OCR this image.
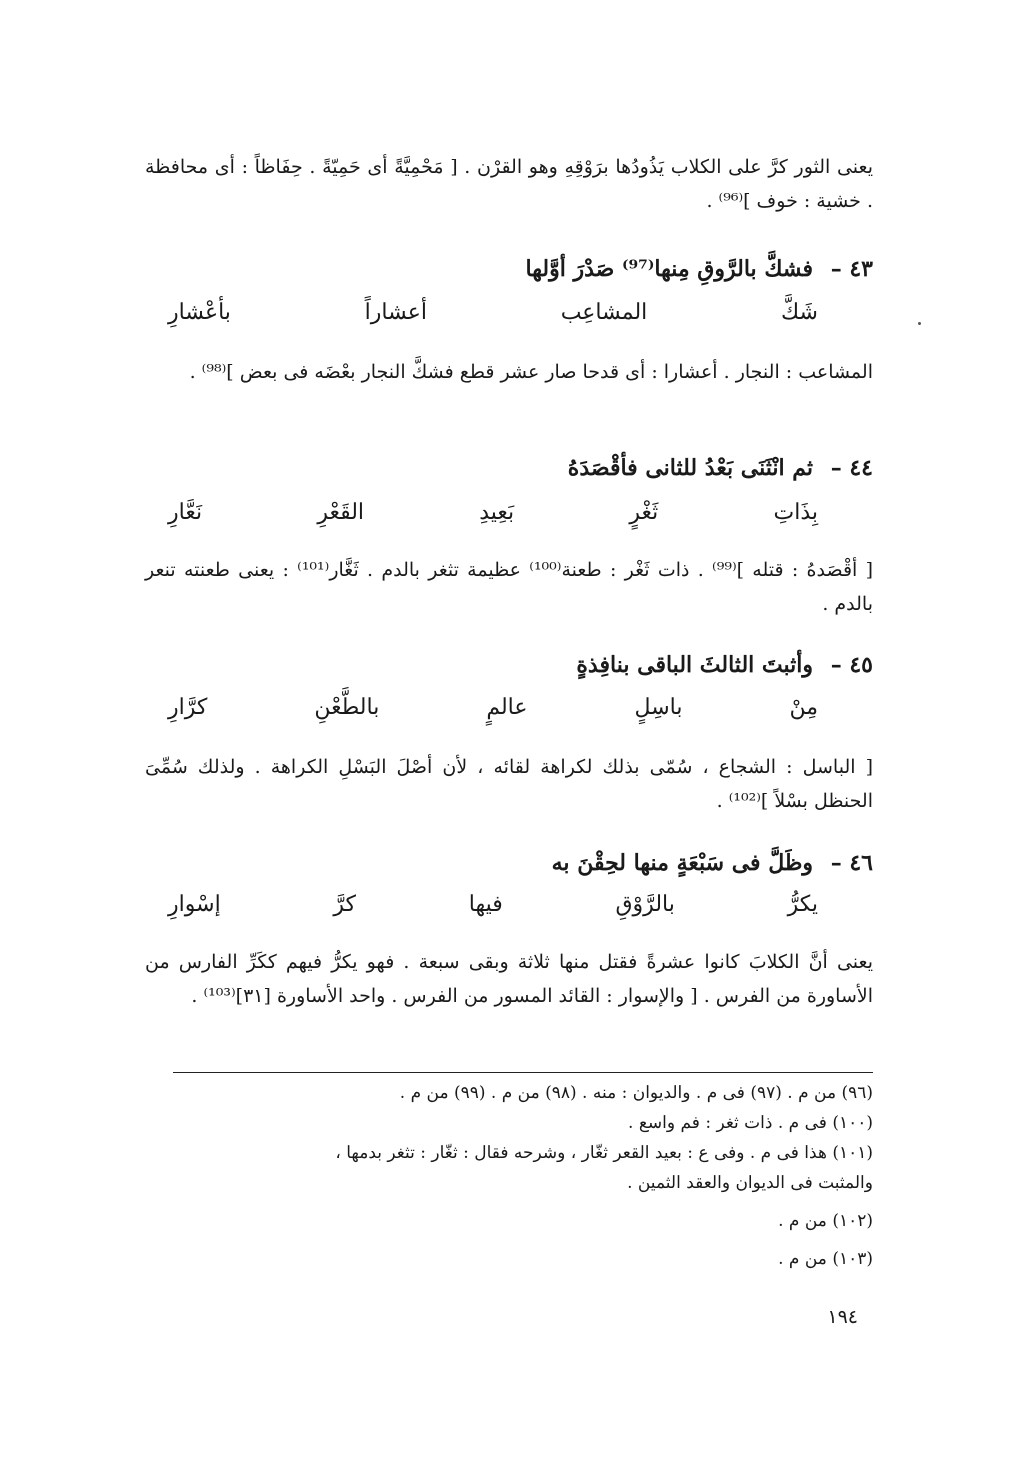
يعنى الثور كرَّ على الكلاب يَذُودُها برَوْقِهِ وهو القرْن . [ مَحْمِيَّةً أى حَمِيّةً . حِفَاظاً : أى محافظة . خشية : خوف ]⁽⁹⁶⁾ .
٤٣ – فشكَّ بالرَّوقِ مِنها⁽⁹⁷⁾ صَدْرَ أوَّلها
شَكَّ
المشاعِب
أعشاراً
بأعْشارِ
المشاعب : النجار . أعشارا : أى قدحا صار عشر قطع فشكَّ النجار بعْضَه فى بعض ]⁽⁹⁸⁾ .
٤٤ – ثم انْثَنَى بَعْدُ للثانى فأقْصَدَهُ
بِذَاتِ
ثَغْرٍ
بَعِيدِ
القَعْرِ
نَعَّارِ
[ أقْصَدهُ : قتله ]⁽⁹⁹⁾ . ذات ثَغْر : طعنة⁽¹⁰⁰⁾ عظيمة تثغر بالدم . ثَغَّار⁽¹⁰¹⁾ : يعنى طعنته تنعر بالدم .
٤٥ – وأثبتَ الثالثَ الباقى بنافِذةٍ
مِنْ
باسِلٍ
عالمٍ
بالطَّعْنِ
كرَّارِ
[ الباسل : الشجاع ، سُمّى بذلك لكراهة لقائه ، لأن أصْلَ البَسْلِ الكراهة . ولذلك سُمِّىَ الحنظل بسْلاً ]⁽¹⁰²⁾ .
٤٦ – وظَلَّ فى سَبْعَةٍ منها لحِقْنَ به
يكرُّ
بالرَّوْقِ
فيها
كرَّ
إسْوارِ
يعنى أنَّ الكلابَ كانوا عشرةً فقتل منها ثلاثة وبقى سبعة . فهو يكرُّ فيهم ككَرِّ الفارس من الأساورة من الفرس . [ والإسوار : القائد المسور من الفرس . واحد الأساورة [٣١]⁽¹⁰³⁾ .
(٩٦) من م . (٩٧) فى م . والديوان : منه . (٩٨) من م . (٩٩) من م .
(١٠٠) فى م . ذات ثغر : فم واسع .
(١٠١) هذا فى م . وفى ع : بعيد القعر ثغّار ، وشرحه فقال : ثغّار : تثغر بدمها ،
والمثبت فى الديوان والعقد الثمين .
(١٠٢) من م .
(١٠٣) من م .
١٩٤
